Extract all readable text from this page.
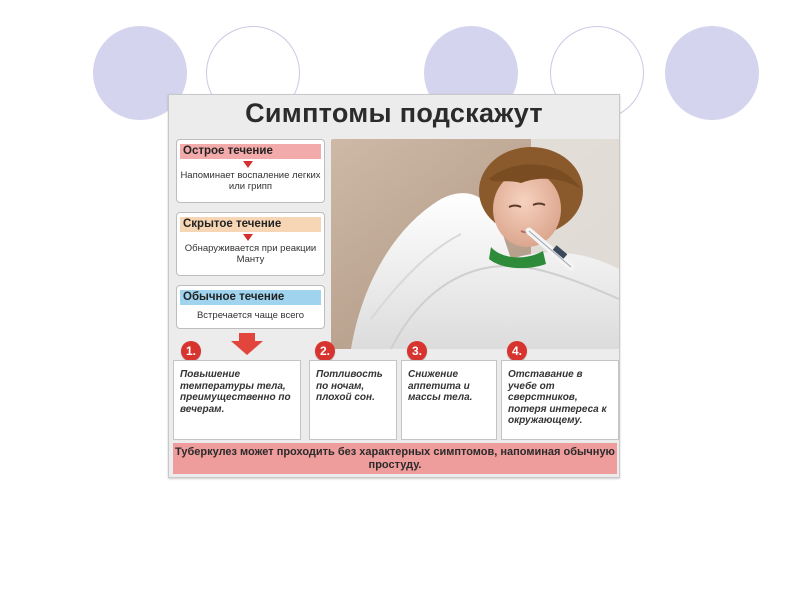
Симптомы подскажут
Острое течение
Напоминает воспаление легких или грипп
Скрытое течение
Обнаруживается при реакции Манту
Обычное течение
Встречается чаще всего
1.	2.	3.	4.
Повышение температуры тела, преимущественно по вечерам.
Потливость по ночам, плохой сон.
Снижение аппетита и массы тела.
Отставание в учебе от сверстников, потеря интереса к окружающему.
Туберкулез может проходить без характерных симптомов, напоминая обычную простуду.
